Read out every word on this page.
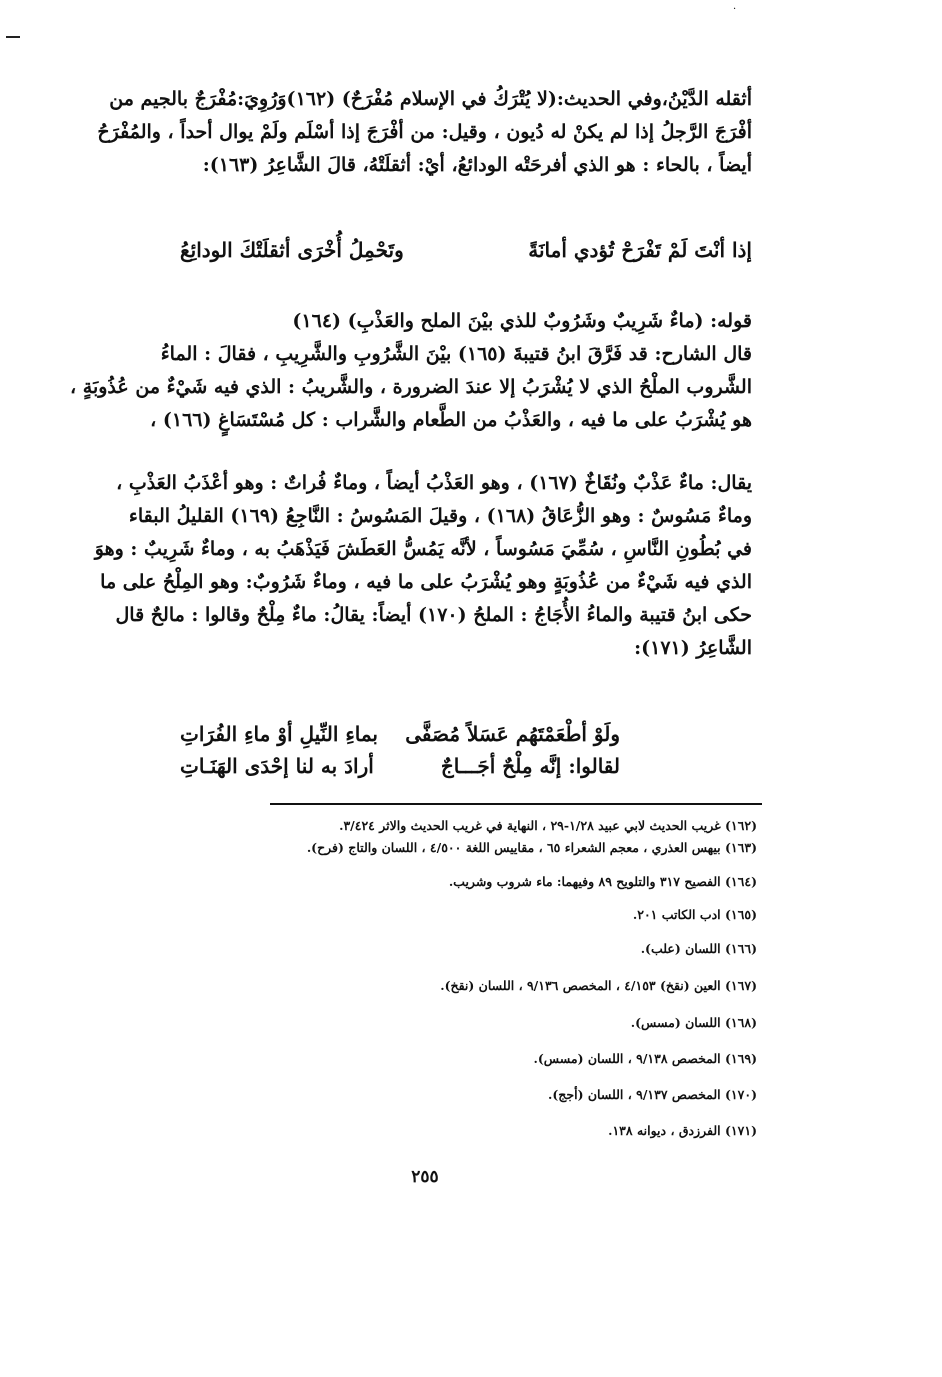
·
أثقله الدَّيْنُ،وفي الحديث:(لا يُتْرَكُ في الإسلام مُفْرَحٌ) (١٦٢)وَرُوِيَ:مُفْرَجٌ بالجيم من
أفْرَجَ الرَّجلُ إذا لم يكنْ له دُيون ، وقيل: من أفْرَجَ إذا أسْلَم ولَمْ يوال أحداً ، والمُفْرَحُ
أيضاً ، بالحاء : هو الذي أفرحَتْه الودائعُ، أيْ: أثقلَتْهُ، قالَ الشَّاعِرُ (١٦٣):
إذا أنْتَ لَمْ تَفْرَحْ تُؤدي أمانَةً
وتَحْمِلُ أُخْرَى أثقلَتْكَ الودائِعُ
قوله: (ماءٌ شَرِيبٌ وشَرُوبٌ للذي بيْنَ الملح والعَذْبِ) (١٦٤)
قال الشارح: قد فَرَّقَ ابنُ قتيبةَ (١٦٥) بيْنَ الشَّرُوبِ والشَّرِيبِ ، فقالَ : الماءُ
الشَّروب الملْحُ الذي لا يُشْرَبُ إلا عندَ الضرورة ، والشَّريبُ : الذي فيه شَيْءٌ من عُذُوبَةٍ ،
هو يُشْرَبُ على ما فيه ، والعَذْبُ من الطَّعام والشَّراب : كل مُسْتَسَاغٍ (١٦٦) ،
يقال: ماءٌ عَذْبٌ ونُقَاخٌ (١٦٧) ، وهو العَذْبُ أيضاً ، وماءٌ فُراتٌ : وهو أعْذَبُ العَذْبِ ،
وماءٌ مَسُوسٌ : وهو الزُّعَاقُ (١٦٨) ، وقيلَ المَسُوسُ : النَّاجِعُ (١٦٩) القليلُ البقاء
في بُطُونِ النَّاسِ ، سُمِّيَ مَسُوساً ، لأنَّه يَمُسُّ العَطَشَ فَيَذْهَبُ به ، وماءٌ شَرِيبٌ : وهوَ
الذي فيه شَيْءٌ من عُذُوبَةٍ وهو يُشْرَبُ على ما فيه ، وماءٌ شَرُوبٌ: وهو المِلْحُ على ما
حكى ابنُ قتيبة والماءُ الأُجَاجُ : الملحُ (١٧٠) أيضاً: يقالُ: ماءٌ مِلْحٌ وقالوا : مالحٌ قال
الشَّاعِرُ (١٧١):
ولَوْ أطْعَمْتَهُم عَسَلاً مُصَفَّى
بماءِ النِّيلِ أوْ ماءِ الفُرَاتِ
لقالوا: إنَّه مِلْحٌ أجَـــاجٌ
أرادَ به لنا إحْدَى الهَنَـاتِ
(١٦٢) غريب الحديث لابي عبيد ١/٢٨-٢٩ ، النهاية في غريب الحديث والاثر ٣/٤٢٤.
(١٦٣) بيهس العذري ، معجم الشعراء ٦٥ ، مقاييس اللغة ٤/٥٠٠ ، اللسان والتاج (فرح).
(١٦٤) الفصيح ٣١٧ والتلويح ٨٩ وفيهما: ماء شروب وشريب.
(١٦٥) ادب الكاتب ٢٠١.
(١٦٦) اللسان (علب).
(١٦٧) العين (نقخ) ٤/١٥٣ ، المخصص ٩/١٣٦ ، اللسان (نقخ).
(١٦٨) اللسان (مسس).
(١٦٩) المخصص ٩/١٣٨ ، اللسان (مسس).
(١٧٠) المخصص ٩/١٣٧ ، اللسان (أجج).
(١٧١) الفرزدق ، ديوانه ١٣٨.
٢٥٥
